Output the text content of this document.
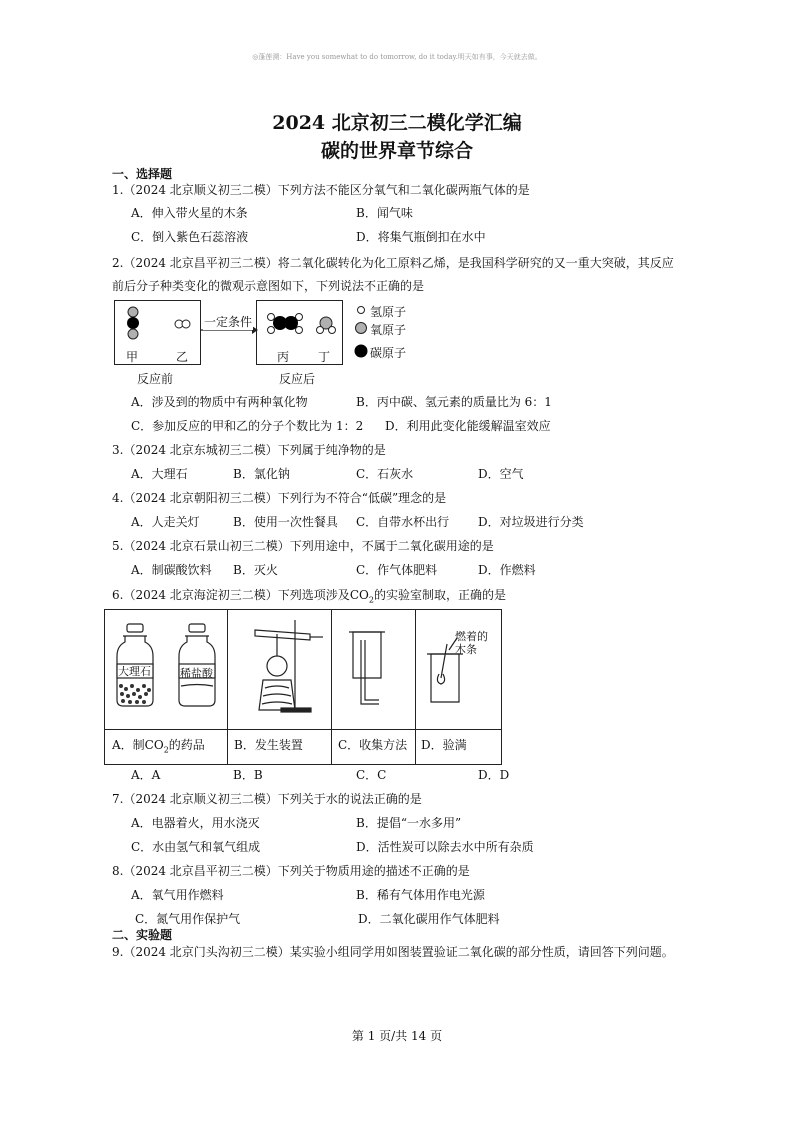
◎蓬莲溯：Have you somewhat to do tomorrow, do it today.明天如有事，今天就去做。
2024 北京初三二模化学汇编
碳的世界章节综合
一、选择题
1.（2024 北京顺义初三二模）下列方法不能区分氧气和二氧化碳两瓶气体的是
A．伸入带火星的木条	B．闻气味
C．倒入紫色石蕊溶液	D．将集气瓶倒扣在水中
2.（2024 北京昌平初三二模）将二氧化碳转化为化工原料乙烯，是我国科学研究的又一重大突破，其反应
前后分子种类变化的微观示意图如下，下列说法不正确的是
一定条件
甲	乙	丙 丁
反应前	反应后
氢原子
氧原子
碳原子
A．涉及到的物质中有两种氧化物	B．丙中碳、氢元素的质量比为 6：1
C．参加反应的甲和乙的分子个数比为 1：2 D．利用此变化能缓解温室效应
3.（2024 北京东城初三二模）下列属于纯净物的是
A．大理石	B．氯化钠	C．石灰水	D．空气
4.（2024 北京朝阳初三二模）下列行为不符合“低碳”理念的是
A．人走关灯	B．使用一次性餐具 C．自带水杯出行 D．对垃圾进行分类
5.（2024 北京石景山初三二模）下列用途中，不属于二氧化碳用途的是
A．制碳酸饮料 B．灭火	C．作气体肥料	D．作燃料
6.（2024 北京海淀初三二模）下列选项涉及$CO_2$的实验室制取，正确的是
大理石	稀盐酸
燃着的木条
A．制$CO_2$的药品 B．发生装置	C．收集方法 D．验满
A．A	B．B	C．C	D．D
7.（2024 北京顺义初三二模）下列关于水的说法正确的是
A．电器着火，用水浇灭	B．提倡“一水多用”
C．水由氢气和氧气组成	D．活性炭可以除去水中所有杂质
8.（2024 北京昌平初三二模）下列关于物质用途的描述不正确的是
A．氧气用作燃料	B．稀有气体用作电光源
C．氮气用作保护气	D．二氧化碳用作气体肥料
二、实验题
9.（2024 北京门头沟初三二模）某实验小组同学用如图装置验证二氧化碳的部分性质，请回答下列问题。
第 1 页/共 14 页
